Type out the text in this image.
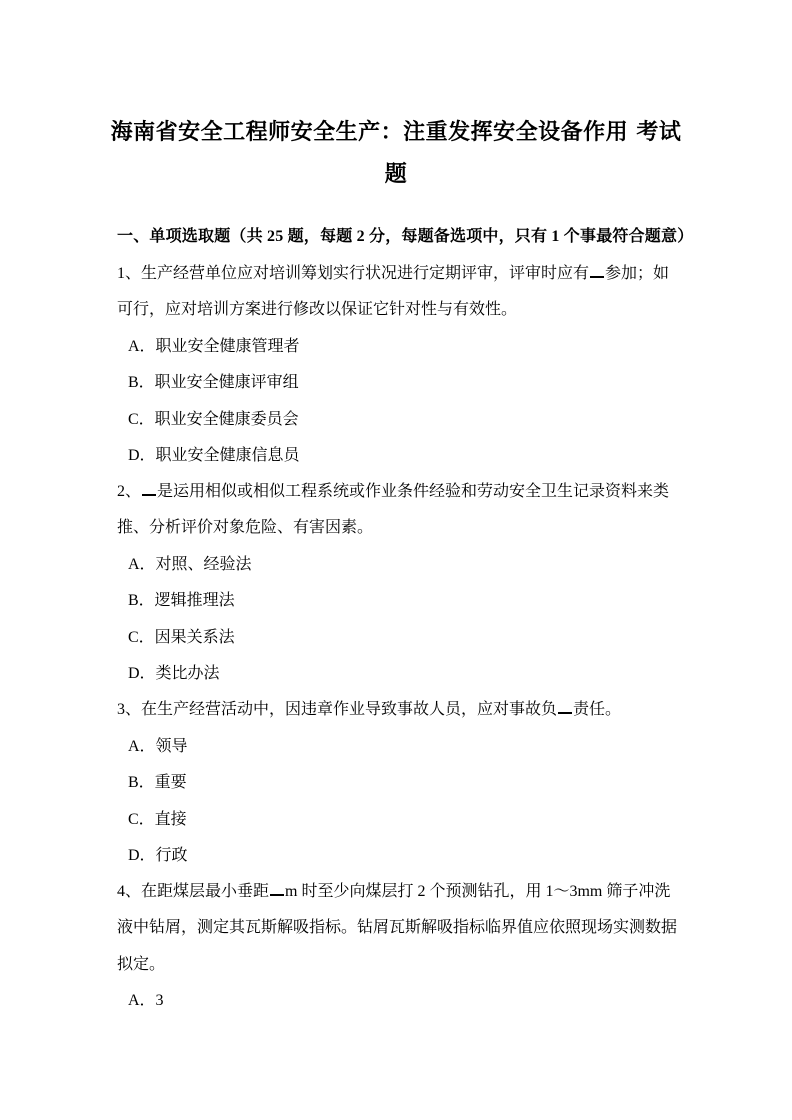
海南省安全工程师安全生产：注重发挥安全设备作用 考试
题
一、单项选取题（共 25 题，每题 2 分，每题备选项中，只有 1 个事最符合题意）
1、生产经营单位应对培训筹划实行状况进行定期评审，评审时应有 参加；如
可行，应对培训方案进行修改以保证它针对性与有效性。
A．职业安全健康管理者
B．职业安全健康评审组
C．职业安全健康委员会
D．职业安全健康信息员
2、 是运用相似或相似工程系统或作业条件经验和劳动安全卫生记录资料来类
推、分析评价对象危险、有害因素。
A．对照、经验法
B．逻辑推理法
C．因果关系法
D．类比办法
3、在生产经营活动中，因违章作业导致事故人员，应对事故负 责任。
A．领导
B．重要
C．直接
D．行政
4、在距煤层最小垂距 m 时至少向煤层打 2 个预测钻孔，用 1～3mm 筛子冲洗
液中钻屑，测定其瓦斯解吸指标。钻屑瓦斯解吸指标临界值应依照现场实测数据
拟定。
A．3
